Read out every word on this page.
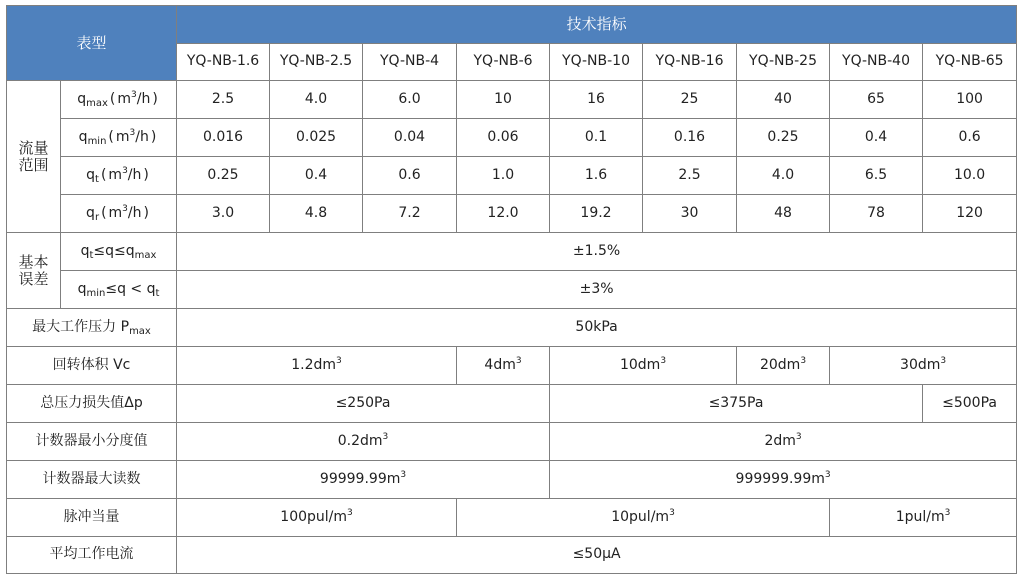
表型		技术指标								
		YQ-NB-1.6	YQ-NB-2.5	YQ-NB-4	YQ-NB-6	YQ-NB-10	YQ-NB-16	YQ-NB-25	YQ-NB-40	YQ-NB-65
流量
范围	$q_{max}$ ( $m^3/h$ )	2.5	4.0	6.0	10	16	25	40	65	100
	$q_{min}$ ( $m^3/h$ )	0.016	0.025	0.04	0.06	0.1	0.16	0.25	0.4	0.6
	$q_t$ ( $m^3/h$ )	0.25	0.4	0.6	1.0	1.6	2.5	4.0	6.5	10.0
	$q_r$ ( $m^3/h$ )	3.0	4.8	7.2	12.0	19.2	30	48	78	120
基本
误差	$q_t\le q\le q_{max}$	±1.5%								
	$q_{min}\le q < q_t$	±3%								
最大工作压力 $P_{max}$		50kPa								
回转体积 Vc		$1.2dm^3$			$4dm^3$	$10dm^3$		$20dm^3$	$30dm^3$
总压力损失值Δp		≤250Pa				≤375Pa				≤500Pa
计数器最小分度值		$0.2dm^3$				$2dm^3$
计数器最大读数		$99999.99m^3$				$999999.99m^3$
脉冲当量		$100pul/m^3$			$10pul/m^3$				$1pul/m^3$
平均工作电流		≤50μA								
